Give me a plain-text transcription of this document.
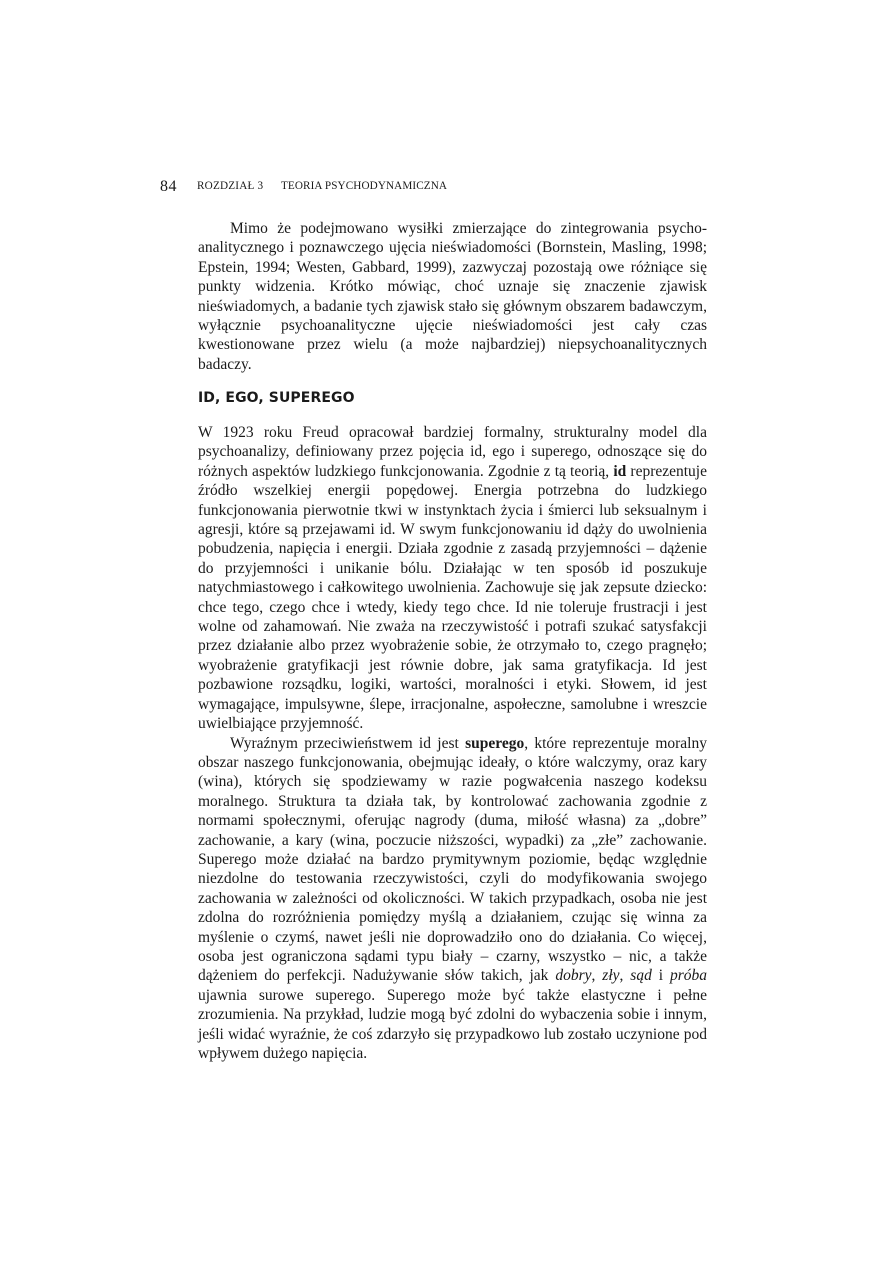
84 ROZDZIAŁ 3 TEORIA PSYCHODYNAMICZNA

Mimo że podejmowano wysiłki zmierzające do zintegrowania psychoanalitycznego i poznawczego ujęcia nieświadomości (Bornstein, Masling, 1998; Epstein, 1994; Westen, Gabbard, 1999), zazwyczaj pozostają owe różniące się punkty widzenia. Krótko mówiąc, choć uznaje się znaczenie zjawisk nieświadomych, a badanie tych zjawisk stało się głównym obszarem badawczym, wyłącznie psychoanalityczne ujęcie nieświadomości jest cały czas kwestionowane przez wielu (a może najbardziej) niepsychoanalitycznych badaczy.

ID, EGO, SUPEREGO

W 1923 roku Freud opracował bardziej formalny, strukturalny model dla psychoanalizy, definiowany przez pojęcia id, ego i superego, odnoszące się do różnych aspektów ludzkiego funkcjonowania. Zgodnie z tą teorią, id reprezentuje źródło wszelkiej energii popędowej. Energia potrzebna do ludzkiego funkcjonowania pierwotnie tkwi w instynktach życia i śmierci lub seksualnym i agresji, które są przejawami id. W swym funkcjonowaniu id dąży do uwolnienia pobudzenia, napięcia i energii. Działa zgodnie z zasadą przyjemności – dążenie do przyjemności i unikanie bólu. Działając w ten sposób id poszukuje natychmiastowego i całkowitego uwolnienia. Zachowuje się jak zepsute dziecko: chce tego, czego chce i wtedy, kiedy tego chce. Id nie toleruje frustracji i jest wolne od zahamowań. Nie zważa na rzeczywistość i potrafi szukać satysfakcji przez działanie albo przez wyobrażenie sobie, że otrzymało to, czego pragnęło; wyobrażenie gratyfikacji jest równie dobre, jak sama gratyfikacja. Id jest pozbawione rozsądku, logiki, wartości, moralności i etyki. Słowem, id jest wymagające, impulsywne, ślepe, irracjonalne, aspołeczne, samolubne i wreszcie uwielbiające przyjemność.

Wyraźnym przeciwieństwem id jest superego, które reprezentuje moralny obszar naszego funkcjonowania, obejmując ideały, o które walczymy, oraz kary (wina), których się spodziewamy w razie pogwałcenia naszego kodeksu moralnego. Struktura ta działa tak, by kontrolować zachowania zgodnie z normami społecznymi, oferując nagrody (duma, miłość własna) za „dobre” zachowanie, a kary (wina, poczucie niższości, wypadki) za „złe” zachowanie. Superego może działać na bardzo prymitywnym poziomie, będąc względnie niezdolne do testowania rzeczywistości, czyli do modyfikowania swojego zachowania w zależności od okoliczności. W takich przypadkach, osoba nie jest zdolna do rozróżnienia pomiędzy myślą a działaniem, czując się winna za myślenie o czymś, nawet jeśli nie doprowadziło ono do działania. Co więcej, osoba jest ograniczona sądami typu biały – czarny, wszystko – nic, a także dążeniem do perfekcji. Nadużywanie słów takich, jak dobry, zły, sąd i próba ujawnia surowe superego. Superego może być także elastyczne i pełne zrozumienia. Na przykład, ludzie mogą być zdolni do wybaczenia sobie i innym, jeśli widać wyraźnie, że coś zdarzyło się przypadkowo lub zostało uczynione pod wpływem dużego napięcia.
